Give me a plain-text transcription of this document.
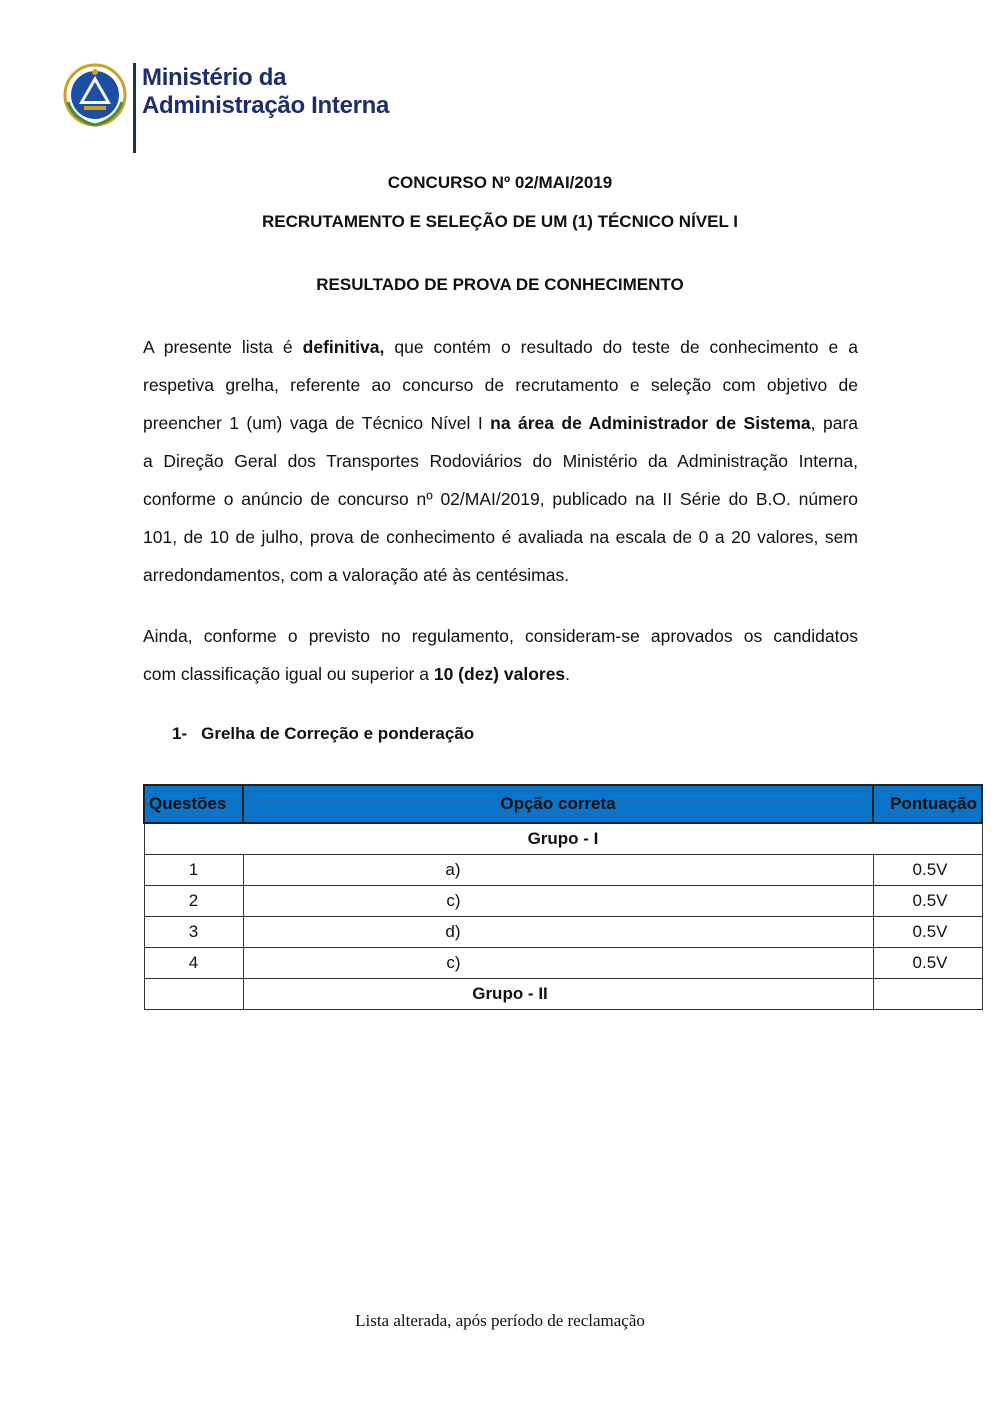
Ministério da
Administração Interna
CONCURSO Nº 02/MAI/2019
RECRUTAMENTO E SELEÇÃO DE UM (1) TÉCNICO NÍVEL I
RESULTADO DE PROVA DE CONHECIMENTO
A presente lista é definitiva, que contém o resultado do teste de conhecimento e a
respetiva grelha, referente ao concurso de recrutamento e seleção com objetivo de
preencher 1 (um) vaga de Técnico Nível I na área de Administrador de Sistema, para
a Direção Geral dos Transportes Rodoviários do Ministério da Administração Interna,
conforme o anúncio de concurso nº 02/MAI/2019, publicado na II Série do B.O. número
101, de 10 de julho, prova de conhecimento é avaliada na escala de 0 a 20 valores, sem
arredondamentos, com a valoração até às centésimas.
Ainda, conforme o previsto no regulamento, consideram-se aprovados os candidatos
com classificação igual ou superior a 10 (dez) valores.
1- Grelha de Correção e ponderação
Questões	Opção correta	Pontuação
Grupo - I		
1	a)	0.5V
2	c)	0.5V
3	d)	0.5V
4	c)	0.5V
	Grupo - II	
Lista alterada, após período de reclamação
